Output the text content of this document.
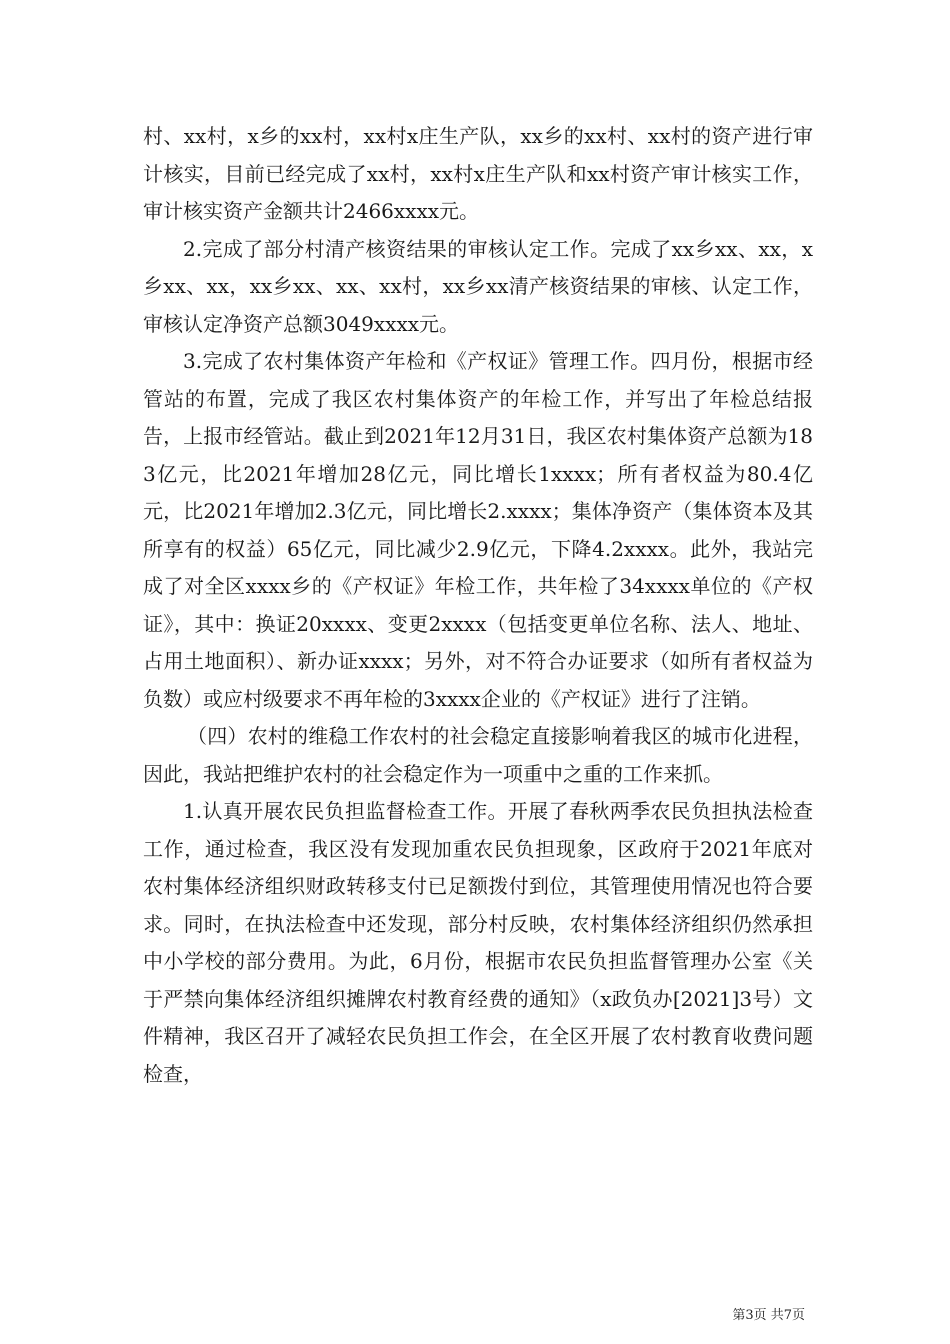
村、xx村，x乡的xx村，xx村x庄生产队，xx乡的xx村、xx村的资产进行审计核实，目前已经完成了xx村，xx村x庄生产队和xx村资产审计核实工作，审计核实资产金额共计2466xxxx元。

2.完成了部分村清产核资结果的审核认定工作。完成了xx乡xx、xx，x乡xx、xx，xx乡xx、xx、xx村，xx乡xx清产核资结果的审核、认定工作，审核认定净资产总额3049xxxx元。

3.完成了农村集体资产年检和《产权证》管理工作。四月份，根据市经管站的布置，完成了我区农村集体资产的年检工作，并写出了年检总结报告，上报市经管站。截止到2021年12月31日，我区农村集体资产总额为183亿元，比2021年增加28亿元，同比增长1xxxx；所有者权益为80.4亿元，比2021年增加2.3亿元，同比增长2.xxxx；集体净资产（集体资本及其所享有的权益）65亿元，同比减少2.9亿元，下降4.2xxxx。此外，我站完成了对全区xxxx乡的《产权证》年检工作，共年检了34xxxx单位的《产权证》，其中：换证20xxxx、变更2xxxx（包括变更单位名称、法人、地址、占用土地面积）、新办证xxxx；另外，对不符合办证要求（如所有者权益为负数）或应村级要求不再年检的3xxxx企业的《产权证》进行了注销。

（四）农村的维稳工作农村的社会稳定直接影响着我区的城市化进程，因此，我站把维护农村的社会稳定作为一项重中之重的工作来抓。

1.认真开展农民负担监督检查工作。开展了春秋两季农民负担执法检查工作，通过检查，我区没有发现加重农民负担现象，区政府于2021年底对农村集体经济组织财政转移支付已足额拨付到位，其管理使用情况也符合要求。同时，在执法检查中还发现，部分村反映，农村集体经济组织仍然承担中小学校的部分费用。为此，6月份，根据市农民负担监督管理办公室《关于严禁向集体经济组织摊牌农村教育经费的通知》（x政负办[2021]3号）文件精神，我区召开了减轻农民负担工作会，在全区开展了农村教育收费问题检查，

第3页 共7页
